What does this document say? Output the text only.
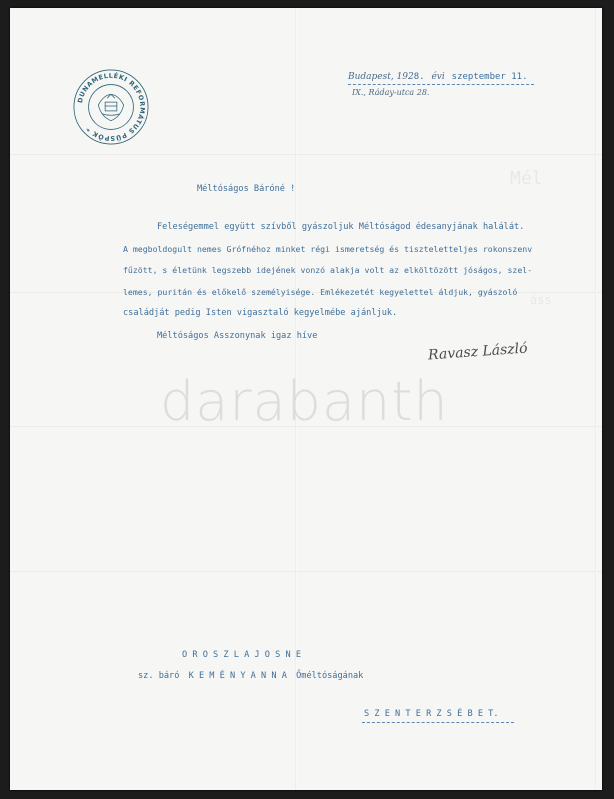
Mél
áss
DUNAMELLÉKI REFORMÁTUS PÜSPÖK *
Budapest, 1928. évi szeptember 11.
IX., Ráday-utca 28.
Méltóságos Báróné !
Feleségemmel együtt szívből gyászoljuk Méltóságod édesanyjának halálát.
A megboldogult nemes Grófnéhoz minket régi ismeretség és tiszteletteljes rokonszenv
fűzött, s életünk legszebb idejének vonzó alakja volt az elköltözött jóságos, szel-
lemes, puritán és előkelő személyisége. Emlékezetét kegyelettel áldjuk, gyászoló
családját pedig Isten vigasztaló kegyelmébe ajánljuk.
Méltóságos Asszonynak igaz híve
Ravasz László
darabanth
O R O S Z L A J O S N E
sz. báró K E M É N Y A N N A Őméltóságának
S Z E N T E R Z S É B E T.
